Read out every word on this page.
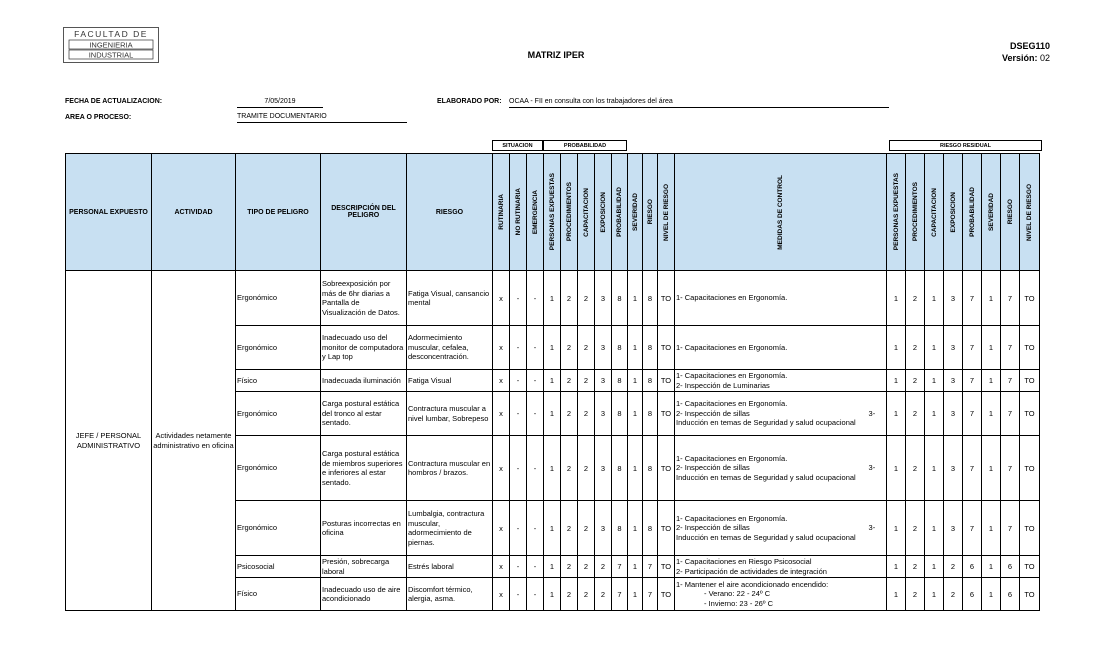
FACULTAD DE
INGENIERIA
INDUSTRIAL	MATRIZ IPER
DSEG110
Versión: 02
FECHA DE ACTUALIZACION:	7/05/2019
AREA O PROCESO:	TRAMITE DOCUMENTARIO
ELABORADO POR: OCAA - FII en consulta con los trabajadores del área
SITUACION	PROBABILIDAD	RIESGO RESIDUAL
PERSONAL EXPUESTO	ACTIVIDAD	TIPO DE PELIGRO	DESCRIPCIÓN DEL PELIGRO	RIESGO	RUTINARIA	NO RUTINARIA	EMERGENCIA	PERSONAS EXPUESTAS	PROCEDIMIENTOS	CAPACITACION	EXPOSICION	PROBABILIDAD	SEVERIDAD	RIESGO	NIVEL DE RIESGO	MEDIDAS DE CONTROL	PERSONAS EXPUESTAS	PROCEDIMIENTOS	CAPACITACION	EXPOSICION	PROBABILIDAD	SEVERIDAD	RIESGO	NIVEL DE RIESGO

JEFE / PERSONAL ADMINISTRATIVO	Actividades netamente administrativo en oficina	Ergonómico	Sobreexposición por más de 6hr diarias a Pantalla de Visualización de Datos.	Fatiga Visual, cansancio mental	x	-	-	1	2	2	3	8	1	8	TO	1- Capacitaciones en Ergonomía.	1	2	1	3	7	1	7	TO
		Ergonómico	Inadecuado uso del monitor de computadora y Lap top	Adormecimiento muscular, cefalea, desconcentración.	x	-	-	1	2	2	3	8	1	8	TO	1- Capacitaciones en Ergonomía.	1	2	1	3	7	1	7	TO
		Físico	Inadecuada iluminación	Fatiga Visual	x	-	-	1	2	2	3	8	1	8	TO	1- Capacitaciones en Ergonomía.
2- Inspección de Luminarias	1	2	1	3	7	1	7	TO
		Ergonómico	Carga postural estática del tronco al estar sentado.	Contractura muscular a nivel lumbar, Sobrepeso	x	-	-	1	2	2	3	8	1	8	TO	1- Capacitaciones en Ergonomía.
2- Inspección de sillas                                                         3-
Inducción en temas de Seguridad y salud ocupacional	1	2	1	3	7	1	7	TO
		Ergonómico	Carga postural estática de miembros superiores e inferiores al estar sentado.	Contractura muscular en hombros / brazos.	x	-	-	1	2	2	3	8	1	8	TO	1- Capacitaciones en Ergonomía.
2- Inspección de sillas                                                         3-
Inducción en temas de Seguridad y salud ocupacional	1	2	1	3	7	1	7	TO
		Ergonómico	Posturas incorrectas en oficina	Lumbalgia, contractura muscular, adormecimiento de piernas.	x	-	-	1	2	2	3	8	1	8	TO	1- Capacitaciones en Ergonomía.
2- Inspección de sillas                                                         3-
Inducción en temas de Seguridad y salud ocupacional	1	2	1	3	7	1	7	TO
		Psicosocial	Presión, sobrecarga laboral	Estrés laboral	x	-	-	1	2	2	2	7	1	7	TO	1- Capacitaciones en Riesgo Psicosocial
2- Participación de actividades de integración	1	2	1	2	6	1	6	TO
		Físico	Inadecuado uso de aire acondicionado	Discomfort térmico, alergia, asma.	x	-	-	1	2	2	2	7	1	7	TO	1- Mantener el aire acondicionado encendido:
- Verano: 22 - 24º C
- Invierno: 23 - 26º C	1	2	1	2	6	1	6	TO
